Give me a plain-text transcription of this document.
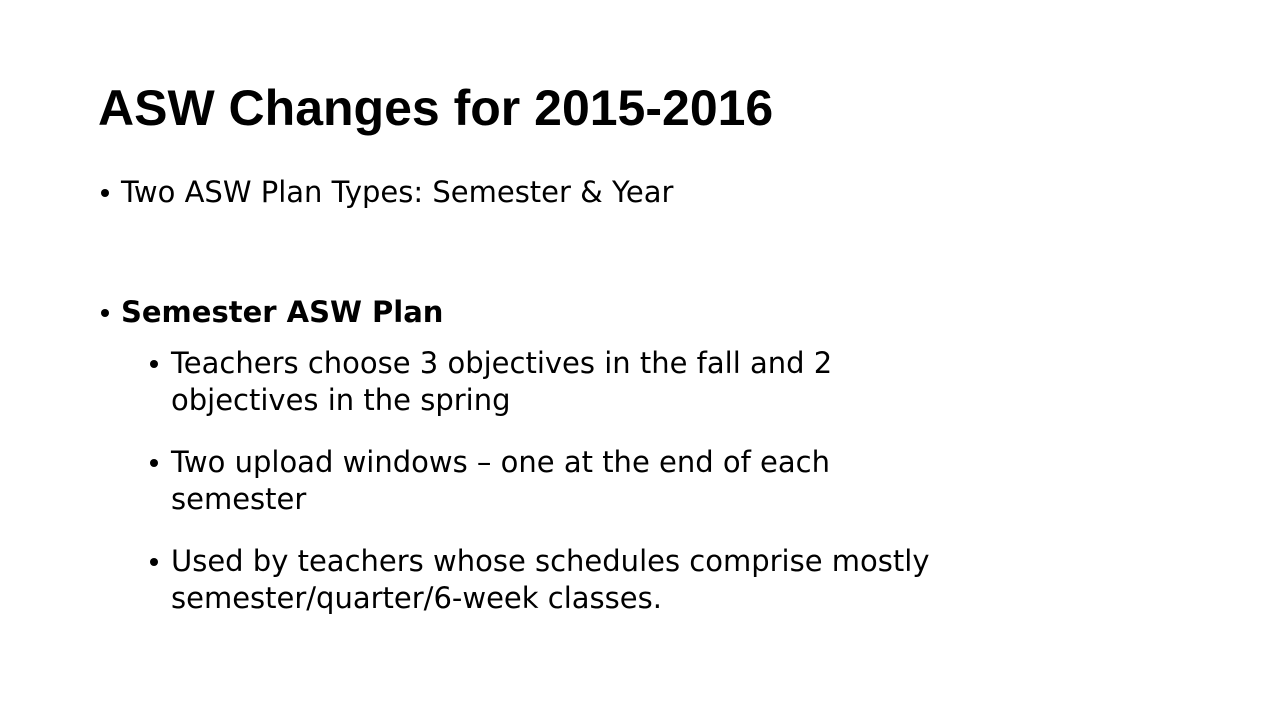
ASW Changes for 2015-2016
Two ASW Plan Types: Semester & Year
Semester ASW Plan
Teachers choose 3 objectives in the fall and 2 objectives in the spring
Two upload windows – one at the end of each semester
Used by teachers whose schedules comprise mostly semester/quarter/6-week classes.
